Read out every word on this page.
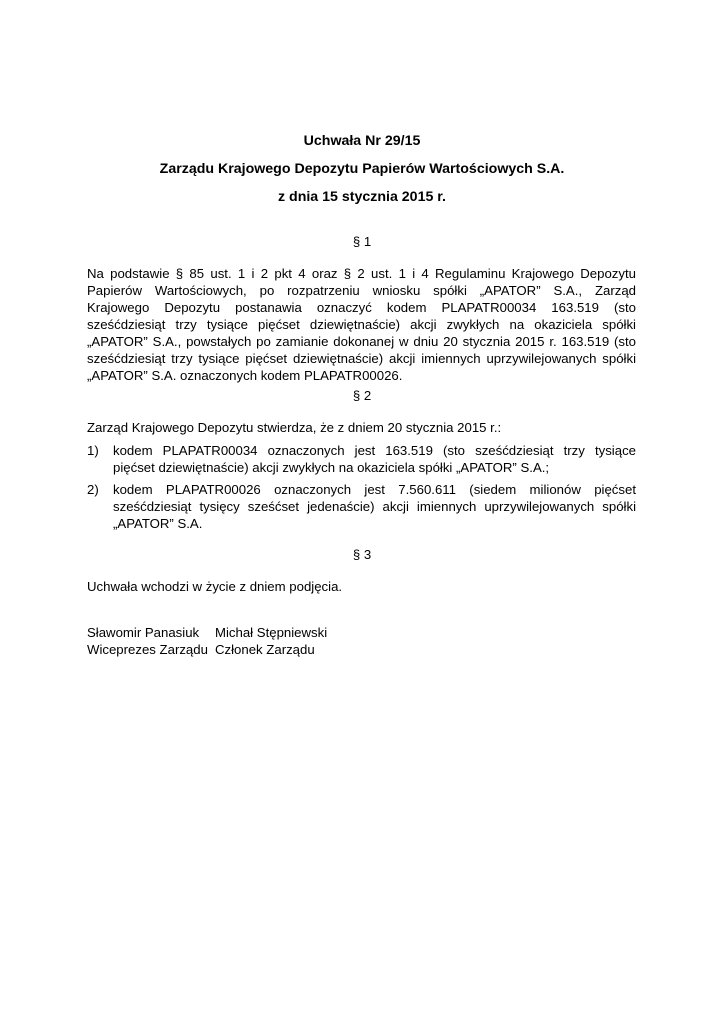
Uchwała Nr 29/15
Zarządu Krajowego Depozytu Papierów Wartościowych S.A.
z dnia 15 stycznia 2015 r.
§ 1
Na podstawie § 85 ust. 1 i 2 pkt 4 oraz § 2 ust. 1 i 4 Regulaminu Krajowego Depozytu
Papierów Wartościowych, po rozpatrzeniu wniosku spółki „APATOR” S.A., Zarząd
Krajowego Depozytu postanawia oznaczyć kodem PLAPATR00034 163.519 (sto
sześćdziesiąt trzy tysiące pięćset dziewiętnaście) akcji zwykłych na okaziciela spółki
„APATOR” S.A., powstałych po zamianie dokonanej w dniu 20 stycznia 2015 r. 163.519 (sto
sześćdziesiąt trzy tysiące pięćset dziewiętnaście) akcji imiennych uprzywilejowanych spółki
„APATOR” S.A. oznaczonych kodem PLAPATR00026.
§ 2
Zarząd Krajowego Depozytu stwierdza, że z dniem 20 stycznia 2015 r.:
1) kodem PLAPATR00034 oznaczonych jest 163.519 (sto sześćdziesiąt trzy tysiące
pięćset dziewiętnaście) akcji zwykłych na okaziciela spółki „APATOR” S.A.;
2) kodem PLAPATR00026 oznaczonych jest 7.560.611 (siedem milionów pięćset
sześćdziesiąt tysięcy sześćset jedenaście) akcji imiennych uprzywilejowanych spółki
„APATOR” S.A.
§ 3
Uchwała wchodzi w życie z dniem podjęcia.
Sławomir Panasiuk
Wiceprezes Zarządu
Michał Stępniewski
Członek Zarządu
